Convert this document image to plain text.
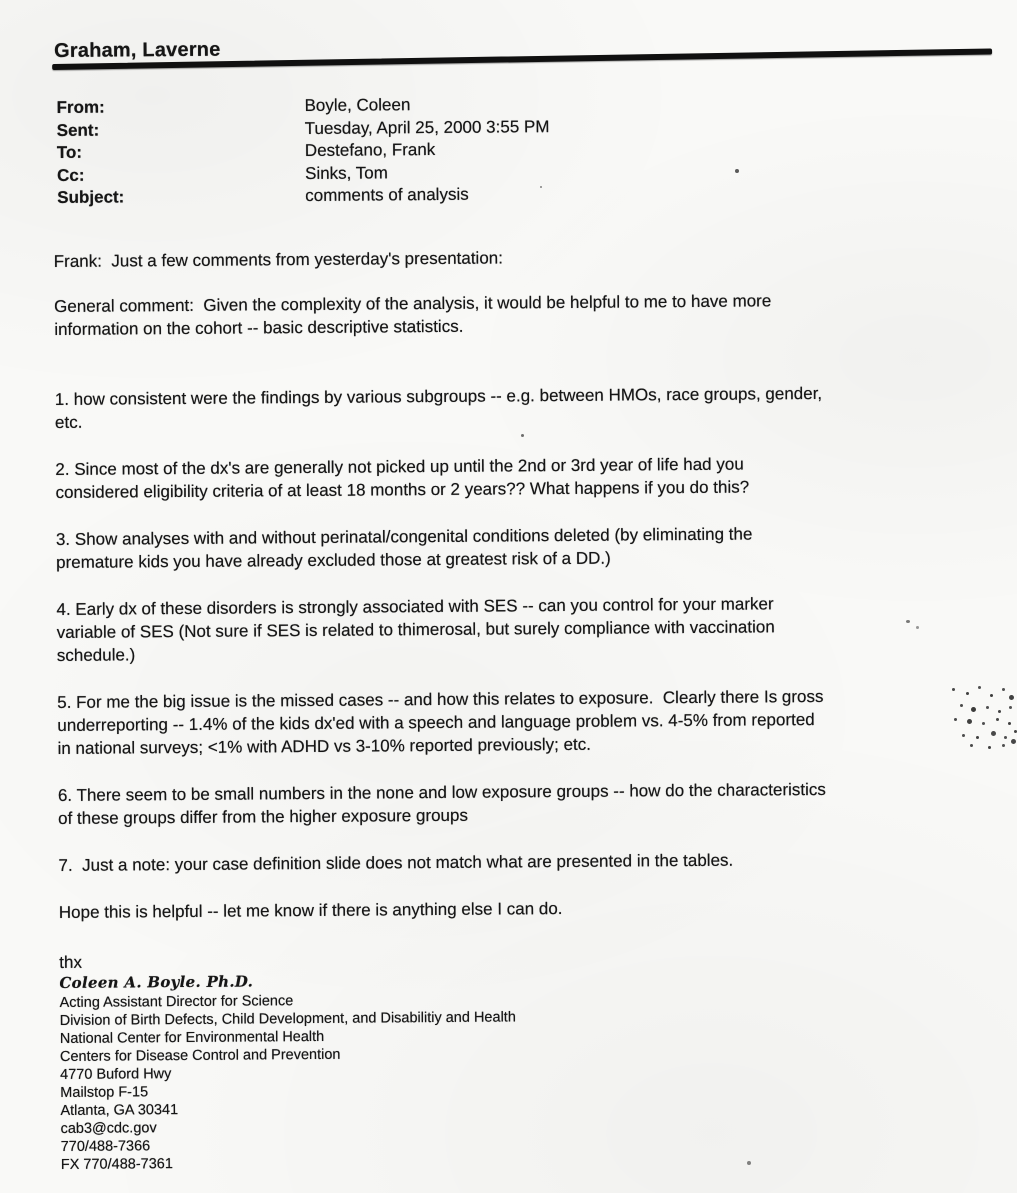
Graham, Laverne
From:	Boyle, Coleen
Sent:	Tuesday, April 25, 2000 3:55 PM
To:	Destefano, Frank
Cc:	Sinks, Tom
Subject:	comments of analysis

Frank:  Just a few comments from yesterday's presentation:

General comment:  Given the complexity of the analysis, it would be helpful to me to have more
information on the cohort -- basic descriptive statistics.

1. how consistent were the findings by various subgroups -- e.g. between HMOs, race groups, gender,
etc.

2. Since most of the dx's are generally not picked up until the 2nd or 3rd year of life had you
considered eligibility criteria of at least 18 months or 2 years?? What happens if you do this?

3. Show analyses with and without perinatal/congenital conditions deleted (by eliminating the
premature kids you have already excluded those at greatest risk of a DD.)

4. Early dx of these disorders is strongly associated with SES -- can you control for your marker
variable of SES (Not sure if SES is related to thimerosal, but surely compliance with vaccination
schedule.)

5. For me the big issue is the missed cases -- and how this relates to exposure.  Clearly there Is gross
underreporting -- 1.4% of the kids dx'ed with a speech and language problem vs. 4-5% from reported
in national surveys; <1% with ADHD vs 3-10% reported previously; etc.

6. There seem to be small numbers in the none and low exposure groups -- how do the characteristics
of these groups differ from the higher exposure groups

7.  Just a note: your case definition slide does not match what are presented in the tables.

Hope this is helpful -- let me know if there is anything else I can do.

thx

Coleen A. Boyle. Ph.D.
Acting Assistant Director for Science
Division of Birth Defects, Child Development, and Disabilitiy and Health
National Center for Environmental Health
Centers for Disease Control and Prevention
4770 Buford Hwy
Mailstop F-15
Atlanta, GA 30341
cab3@cdc.gov
770/488-7366
FX 770/488-7361
